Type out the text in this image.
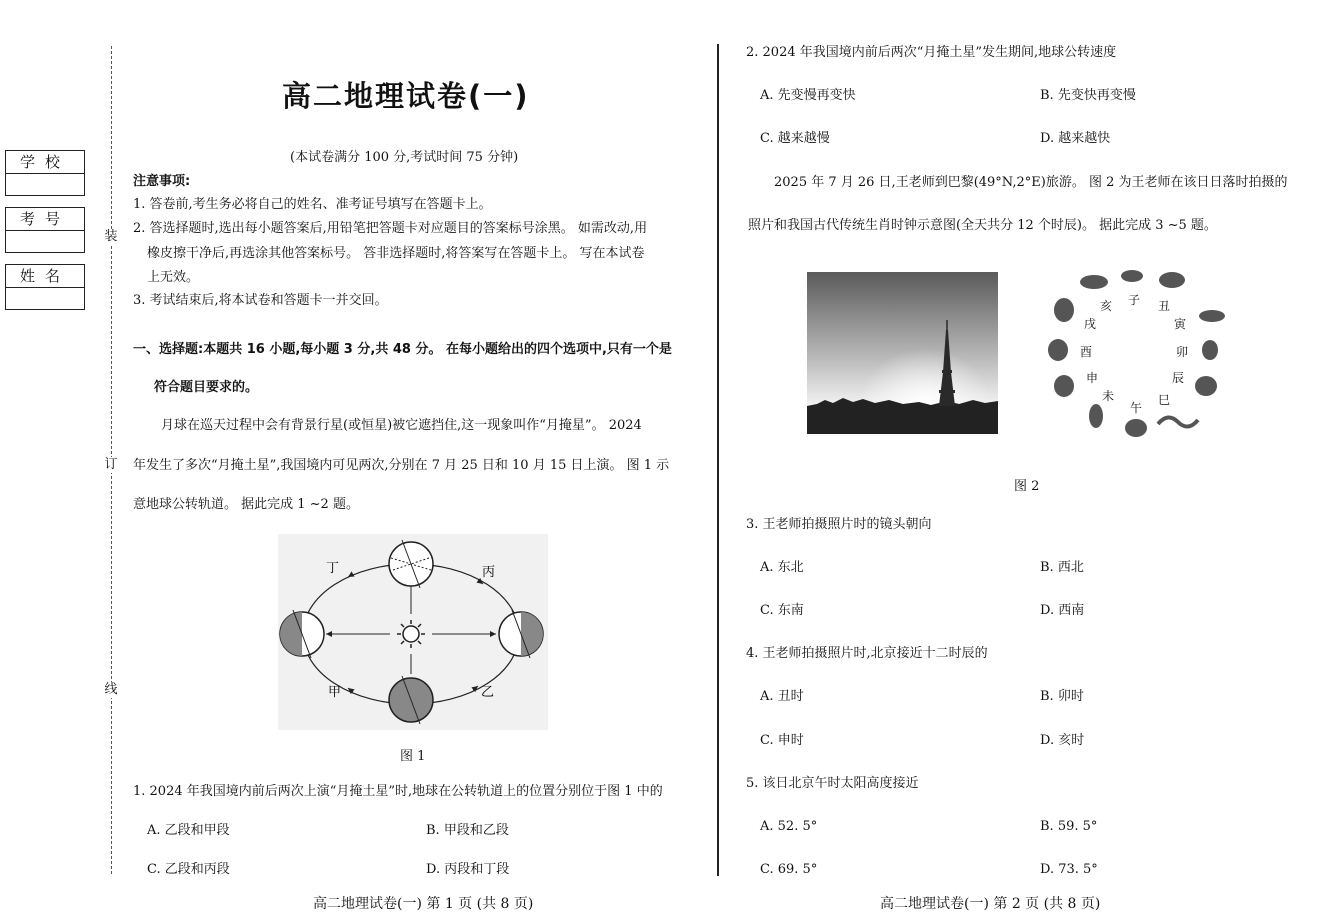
学校
考号
姓名
装
订
线
高二地理试卷(一)
(本试卷满分 100 分,考试时间 75 分钟)
注意事项:
1. 答卷前,考生务必将自己的姓名、准考证号填写在答题卡上。
2. 答选择题时,选出每小题答案后,用铅笔把答题卡对应题目的答案标号涂黑。 如需改动,用
橡皮擦干净后,再选涂其他答案标号。 答非选择题时,将答案写在答题卡上。 写在本试卷
上无效。
3. 考试结束后,将本试卷和答题卡一并交回。
一、选择题:本题共 16 小题,每小题 3 分,共 48 分。 在每小题给出的四个选项中,只有一个是
符合题目要求的。
月球在巡天过程中会有背景行星(或恒星)被它遮挡住,这一现象叫作“月掩星”。 2024
年发生了多次“月掩土星”,我国境内可见两次,分别在 7 月 25 日和 10 月 15 日上演。 图 1 示
意地球公转轨道。 据此完成 1 ~2 题。
丁	丙
甲	乙
图 1
1. 2024 年我国境内前后两次上演“月掩土星”时,地球在公转轨道上的位置分别位于图 1 中的
A. 乙段和甲段	B. 甲段和乙段
C. 乙段和丙段	D. 丙段和丁段
高二地理试卷(一) 第 1 页 (共 8 页)
2. 2024 年我国境内前后两次“月掩土星”发生期间,地球公转速度
A. 先变慢再变快	B. 先变快再变慢
C. 越来越慢	D. 越来越快
2025 年 7 月 26 日,王老师到巴黎(49°N,2°E)旅游。 图 2 为王老师在该日日落时拍摄的
照片和我国古代传统生肖时钟示意图(全天共分 12 个时辰)。 据此完成 3 ~5 题。
子 丑
寅
卯
辰
巳
午
未
申
酉
戌
亥
图 2
3. 王老师拍摄照片时的镜头朝向
A. 东北	B. 西北
C. 东南	D. 西南
4. 王老师拍摄照片时,北京接近十二时辰的
A. 丑时	B. 卯时
C. 申时	D. 亥时
5. 该日北京午时太阳高度接近
A. 52. 5°	B. 59. 5°
C. 69. 5°	D. 73. 5°
高二地理试卷(一) 第 2 页 (共 8 页)
